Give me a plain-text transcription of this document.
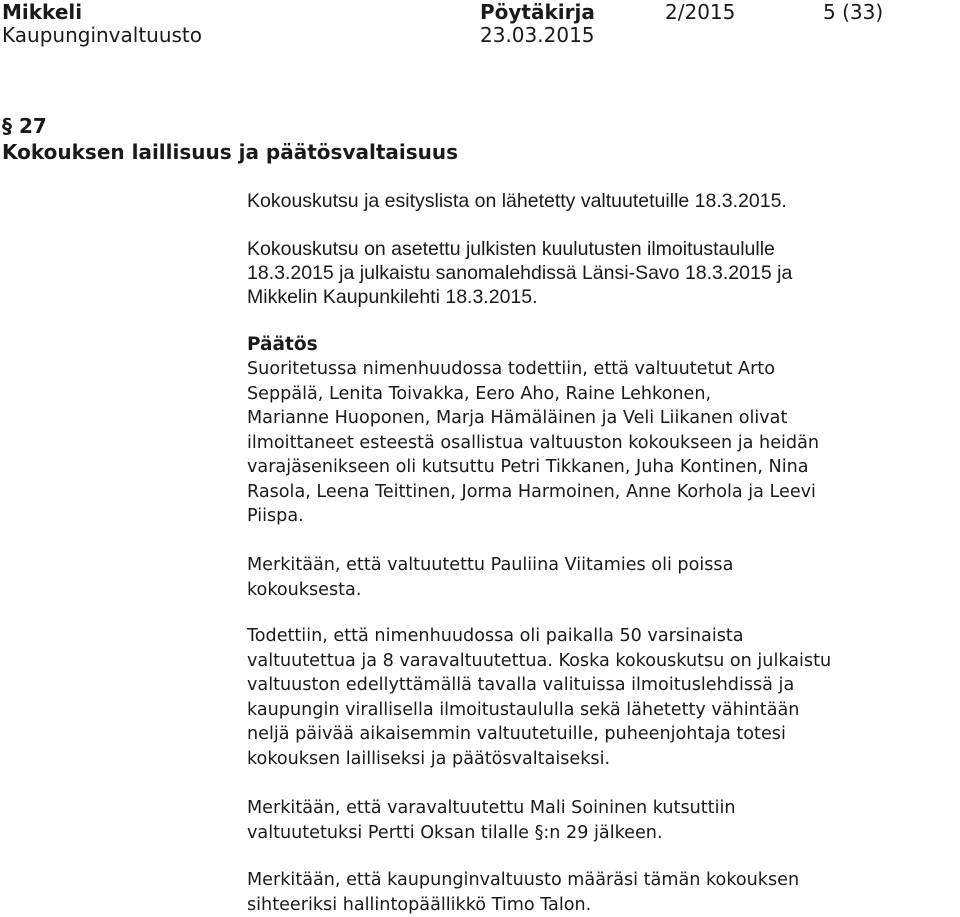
Mikkeli
Kaupunginvaltuusto
Pöytäkirja
23.03.2015
2/2015	5 (33)
§ 27
Kokouksen laillisuus ja päätösvaltaisuus

Kokouskutsu ja esityslista on lähetetty valtuutetuille 18.3.2015.

Kokouskutsu on asetettu julkisten kuulutusten ilmoitustaululle

18.3.2015 ja julkaistu sanomalehdissä Länsi-Savo 18.3.2015 ja

Mikkelin Kaupunkilehti 18.3.2015.

Päätös

Suoritetussa nimenhuudossa todettiin, että valtuutetut Arto

Seppälä, Lenita Toivakka, Eero Aho, Raine Lehkonen,

Marianne Huoponen, Marja Hämäläinen ja Veli Liikanen olivat

ilmoittaneet esteestä osallistua valtuuston kokoukseen ja heidän

varajäsenikseen oli kutsuttu Petri Tikkanen, Juha Kontinen, Nina

Rasola, Leena Teittinen, Jorma Harmoinen, Anne Korhola ja Leevi

Piispa.

Merkitään, että valtuutettu Pauliina Viitamies oli poissa

kokouksesta.

Todettiin, että nimenhuudossa oli paikalla 50 varsinaista

valtuutettua ja 8 varavaltuutettua. Koska kokouskutsu on julkaistu

valtuuston edellyttämällä tavalla valituissa ilmoituslehdissä ja

kaupungin virallisella ilmoitustaululla sekä lähetetty vähintään

neljä päivää aikaisemmin valtuutetuille, puheenjohtaja totesi

kokouksen lailliseksi ja päätösvaltaiseksi.

Merkitään, että varavaltuutettu Mali Soininen kutsuttiin

valtuutetuksi Pertti Oksan tilalle §:n 29 jälkeen.

Merkitään, että kaupunginvaltuusto määräsi tämän kokouksen

sihteeriksi hallintopäällikkö Timo Talon.
